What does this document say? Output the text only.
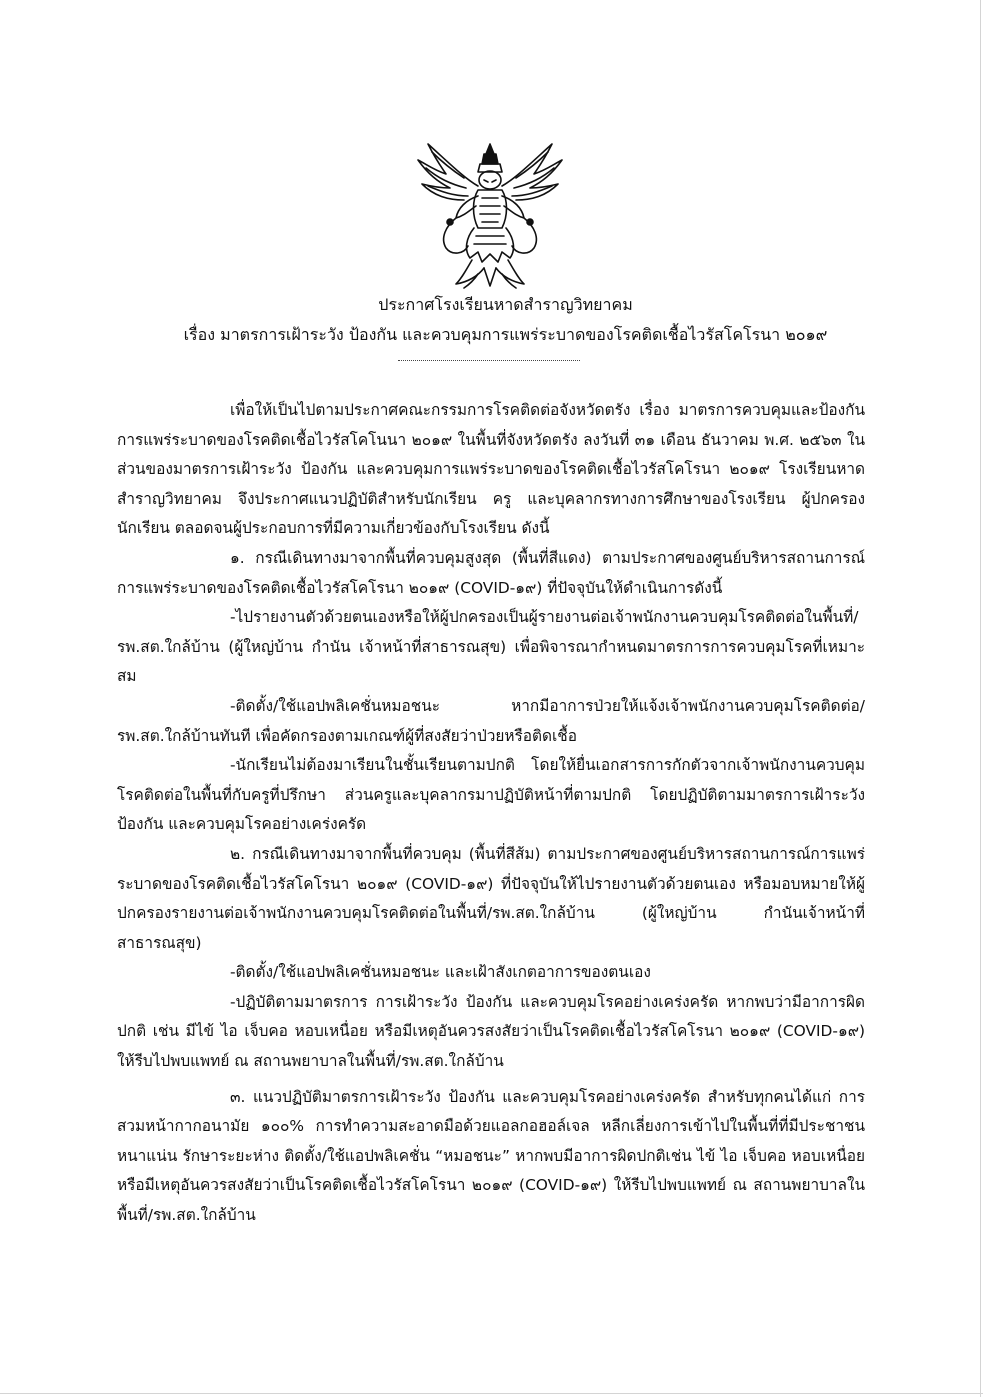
ประกาศโรงเรียนหาดสำราญวิทยาคม
เรื่อง มาตรการเฝ้าระวัง ป้องกัน และควบคุมการแพร่ระบาดของโรคติดเชื้อไวรัสโคโรนา ๒๐๑๙

เพื่อให้เป็นไปตามประกาศคณะกรรมการโรคติดต่อจังหวัดตรัง เรื่อง มาตรการควบคุมและป้องกันการแพร่ระบาดของโรคติดเชื้อไวรัสโคโนนา ๒๐๑๙ ในพื้นที่จังหวัดตรัง ลงวันที่ ๓๑ เดือน ธันวาคม พ.ศ. ๒๕๖๓ ในส่วนของมาตรการเฝ้าระวัง ป้องกัน และควบคุมการแพร่ระบาดของโรคติดเชื้อไวรัสโคโรนา ๒๐๑๙ โรงเรียนหาดสำราญวิทยาคม จึงประกาศแนวปฏิบัติสำหรับนักเรียน ครู และบุคลากรทางการศึกษาของโรงเรียน ผู้ปกครองนักเรียน ตลอดจนผู้ประกอบการที่มีความเกี่ยวข้องกับโรงเรียน ดังนี้

๑. กรณีเดินทางมาจากพื้นที่ควบคุมสูงสุด (พื้นที่สีแดง) ตามประกาศของศูนย์บริหารสถานการณ์ การแพร่ระบาดของโรคติดเชื้อไวรัสโคโรนา ๒๐๑๙ (COVID-๑๙) ที่ปัจจุบันให้ดำเนินการดังนี้

-ไปรายงานตัวด้วยตนเองหรือให้ผู้ปกครองเป็นผู้รายงานต่อเจ้าพนักงานควบคุมโรคติดต่อในพื้นที่/รพ.สต.ใกล้บ้าน (ผู้ใหญ่บ้าน กำนัน เจ้าหน้าที่สาธารณสุข) เพื่อพิจารณากำหนดมาตรการการควบคุมโรคที่เหมาะสม

-ติดตั้ง/ใช้แอปพลิเคชั่นหมอชนะ หากมีอาการป่วยให้แจ้งเจ้าพนักงานควบคุมโรคติดต่อ/รพ.สต.ใกล้บ้านทันที เพื่อคัดกรองตามเกณฑ์ผู้ที่สงสัยว่าป่วยหรือติดเชื้อ

-นักเรียนไม่ต้องมาเรียนในชั้นเรียนตามปกติ โดยให้ยื่นเอกสารการกักตัวจากเจ้าพนักงานควบคุมโรคติดต่อในพื้นที่กับครูที่ปรึกษา ส่วนครูและบุคลากรมาปฏิบัติหน้าที่ตามปกติ โดยปฏิบัติตามมาตรการเฝ้าระวัง ป้องกัน และควบคุมโรคอย่างเคร่งครัด

๒. กรณีเดินทางมาจากพื้นที่ควบคุม (พื้นที่สีส้ม) ตามประกาศของศูนย์บริหารสถานการณ์การแพร่ระบาดของโรคติดเชื้อไวรัสโคโรนา ๒๐๑๙ (COVID-๑๙) ที่ปัจจุบันให้ไปรายงานตัวด้วยตนเอง หรือมอบหมายให้ผู้ปกครองรายงานต่อเจ้าพนักงานควบคุมโรคติดต่อในพื้นที่/รพ.สต.ใกล้บ้าน (ผู้ใหญ่บ้าน กำนันเจ้าหน้าที่สาธารณสุข)

-ติดตั้ง/ใช้แอปพลิเคชั่นหมอชนะ และเฝ้าสังเกตอาการของตนเอง

-ปฏิบัติตามมาตรการ การเฝ้าระวัง ป้องกัน และควบคุมโรคอย่างเคร่งครัด หากพบว่ามีอาการผิดปกติ เช่น มีไข้ ไอ เจ็บคอ หอบเหนื่อย หรือมีเหตุอันควรสงสัยว่าเป็นโรคติดเชื้อไวรัสโคโรนา ๒๐๑๙ (COVID-๑๙) ให้รีบไปพบแพทย์ ณ สถานพยาบาลในพื้นที่/รพ.สต.ใกล้บ้าน

๓. แนวปฏิบัติมาตรการเฝ้าระวัง ป้องกัน และควบคุมโรคอย่างเคร่งครัด สำหรับทุกคนได้แก่ การสวมหน้ากากอนามัย ๑๐๐% การทำความสะอาดมือด้วยแอลกอฮอล์เจล หลีกเลี่ยงการเข้าไปในพื้นที่ที่มีประชาชนหนาแน่น รักษาระยะห่าง ติดตั้ง/ใช้แอปพลิเคชั่น “หมอชนะ” หากพบมีอาการผิดปกติเช่น ไข้ ไอ เจ็บคอ หอบเหนื่อย หรือมีเหตุอันควรสงสัยว่าเป็นโรคติดเชื้อไวรัสโคโรนา ๒๐๑๙ (COVID-๑๙) ให้รีบไปพบแพทย์ ณ สถานพยาบาลในพื้นที่/รพ.สต.ใกล้บ้าน
